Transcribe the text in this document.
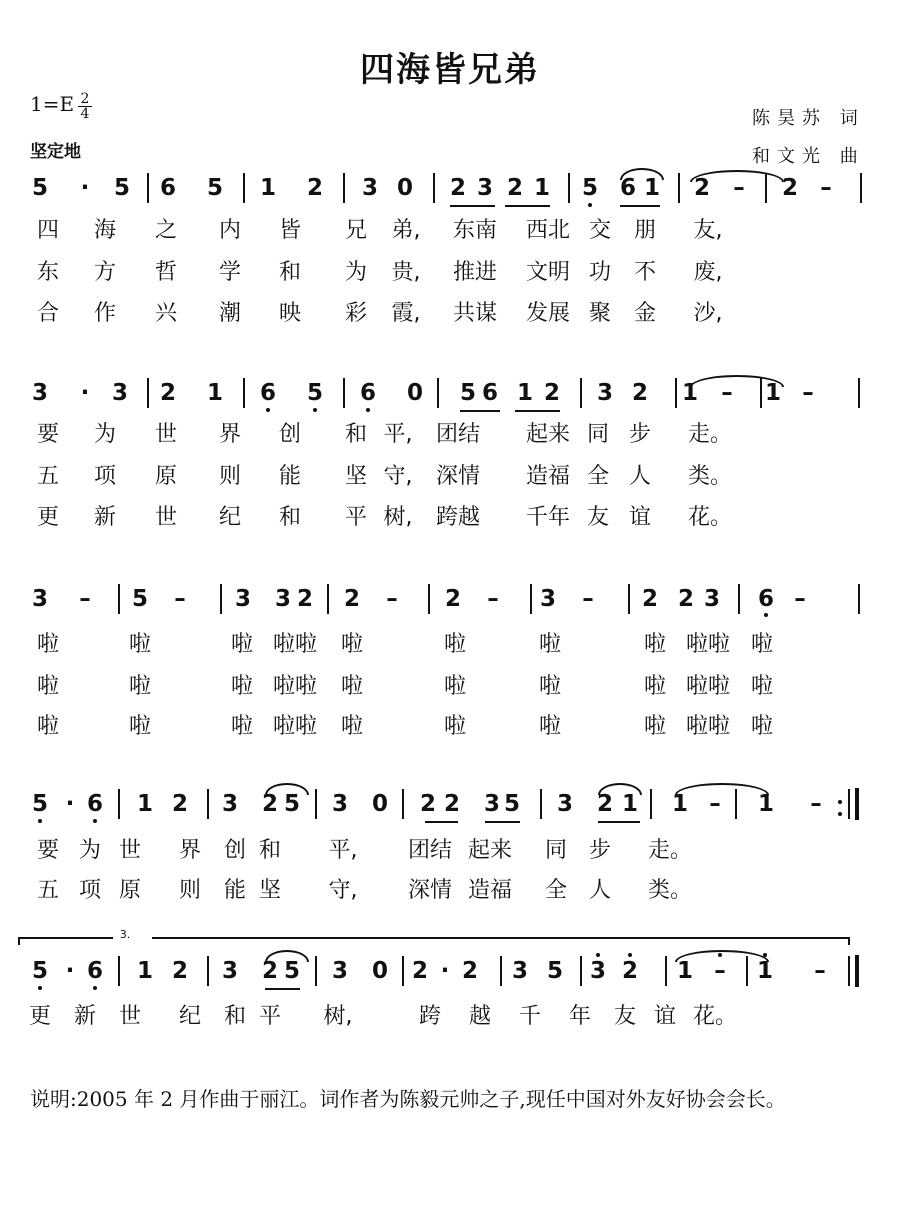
四海皆兄弟
$1=E \frac{2}{4}$
坚定地
陈昊苏 词
和文光 曲
5 · 5 6 5 1 2 3 0 2 3 2 1 5 6 1 2 – 2 –
四 海 之 内 皆 兄 弟, 东南 西北 交 朋 友,
东 方 哲 学 和 为 贵, 推进 文明 功 不 废,
合 作 兴 潮 映 彩 霞, 共谋 发展 聚 金 沙,
3 · 3 2 1 6 5 6 0 5 6 1 2 3 2 1 – 1 –
要 为 世 界 创 和 平, 团结 起来 同 步 走。
五 项 原 则 能 坚 守, 深情 造福 全 人 类。
更 新 世 纪 和 平 树, 跨越 千年 友 谊 花。
3 – 5 – 3 3 2 2 – 2 – 3 – 2 2 3 6 –
啦	啦	啦 啦啦 啦	啦	啦	啦 啦啦 啦
啦	啦	啦 啦啦 啦	啦	啦	啦 啦啦 啦
啦	啦	啦 啦啦 啦	啦	啦	啦 啦啦 啦
5 · 6 1 2 3 2 5 3 0 2 2 3 5 3 2 1 1 – 1 –
要 为 世 界 创 和 平, 团结 起来 同 步 走。
五 项 原 则 能 坚 守, 深情 造福 全 人 类。
5 · 6 1 2 3 2 5 3 0 2 · 2 3 5 3 2 1 – 1 –
更 新 世 纪 和 平 树,	跨 越 千 年 友 谊 花。
3.
说明:2005 年 2 月作曲于丽江。词作者为陈毅元帅之子,现任中国对外友好协会会长。
